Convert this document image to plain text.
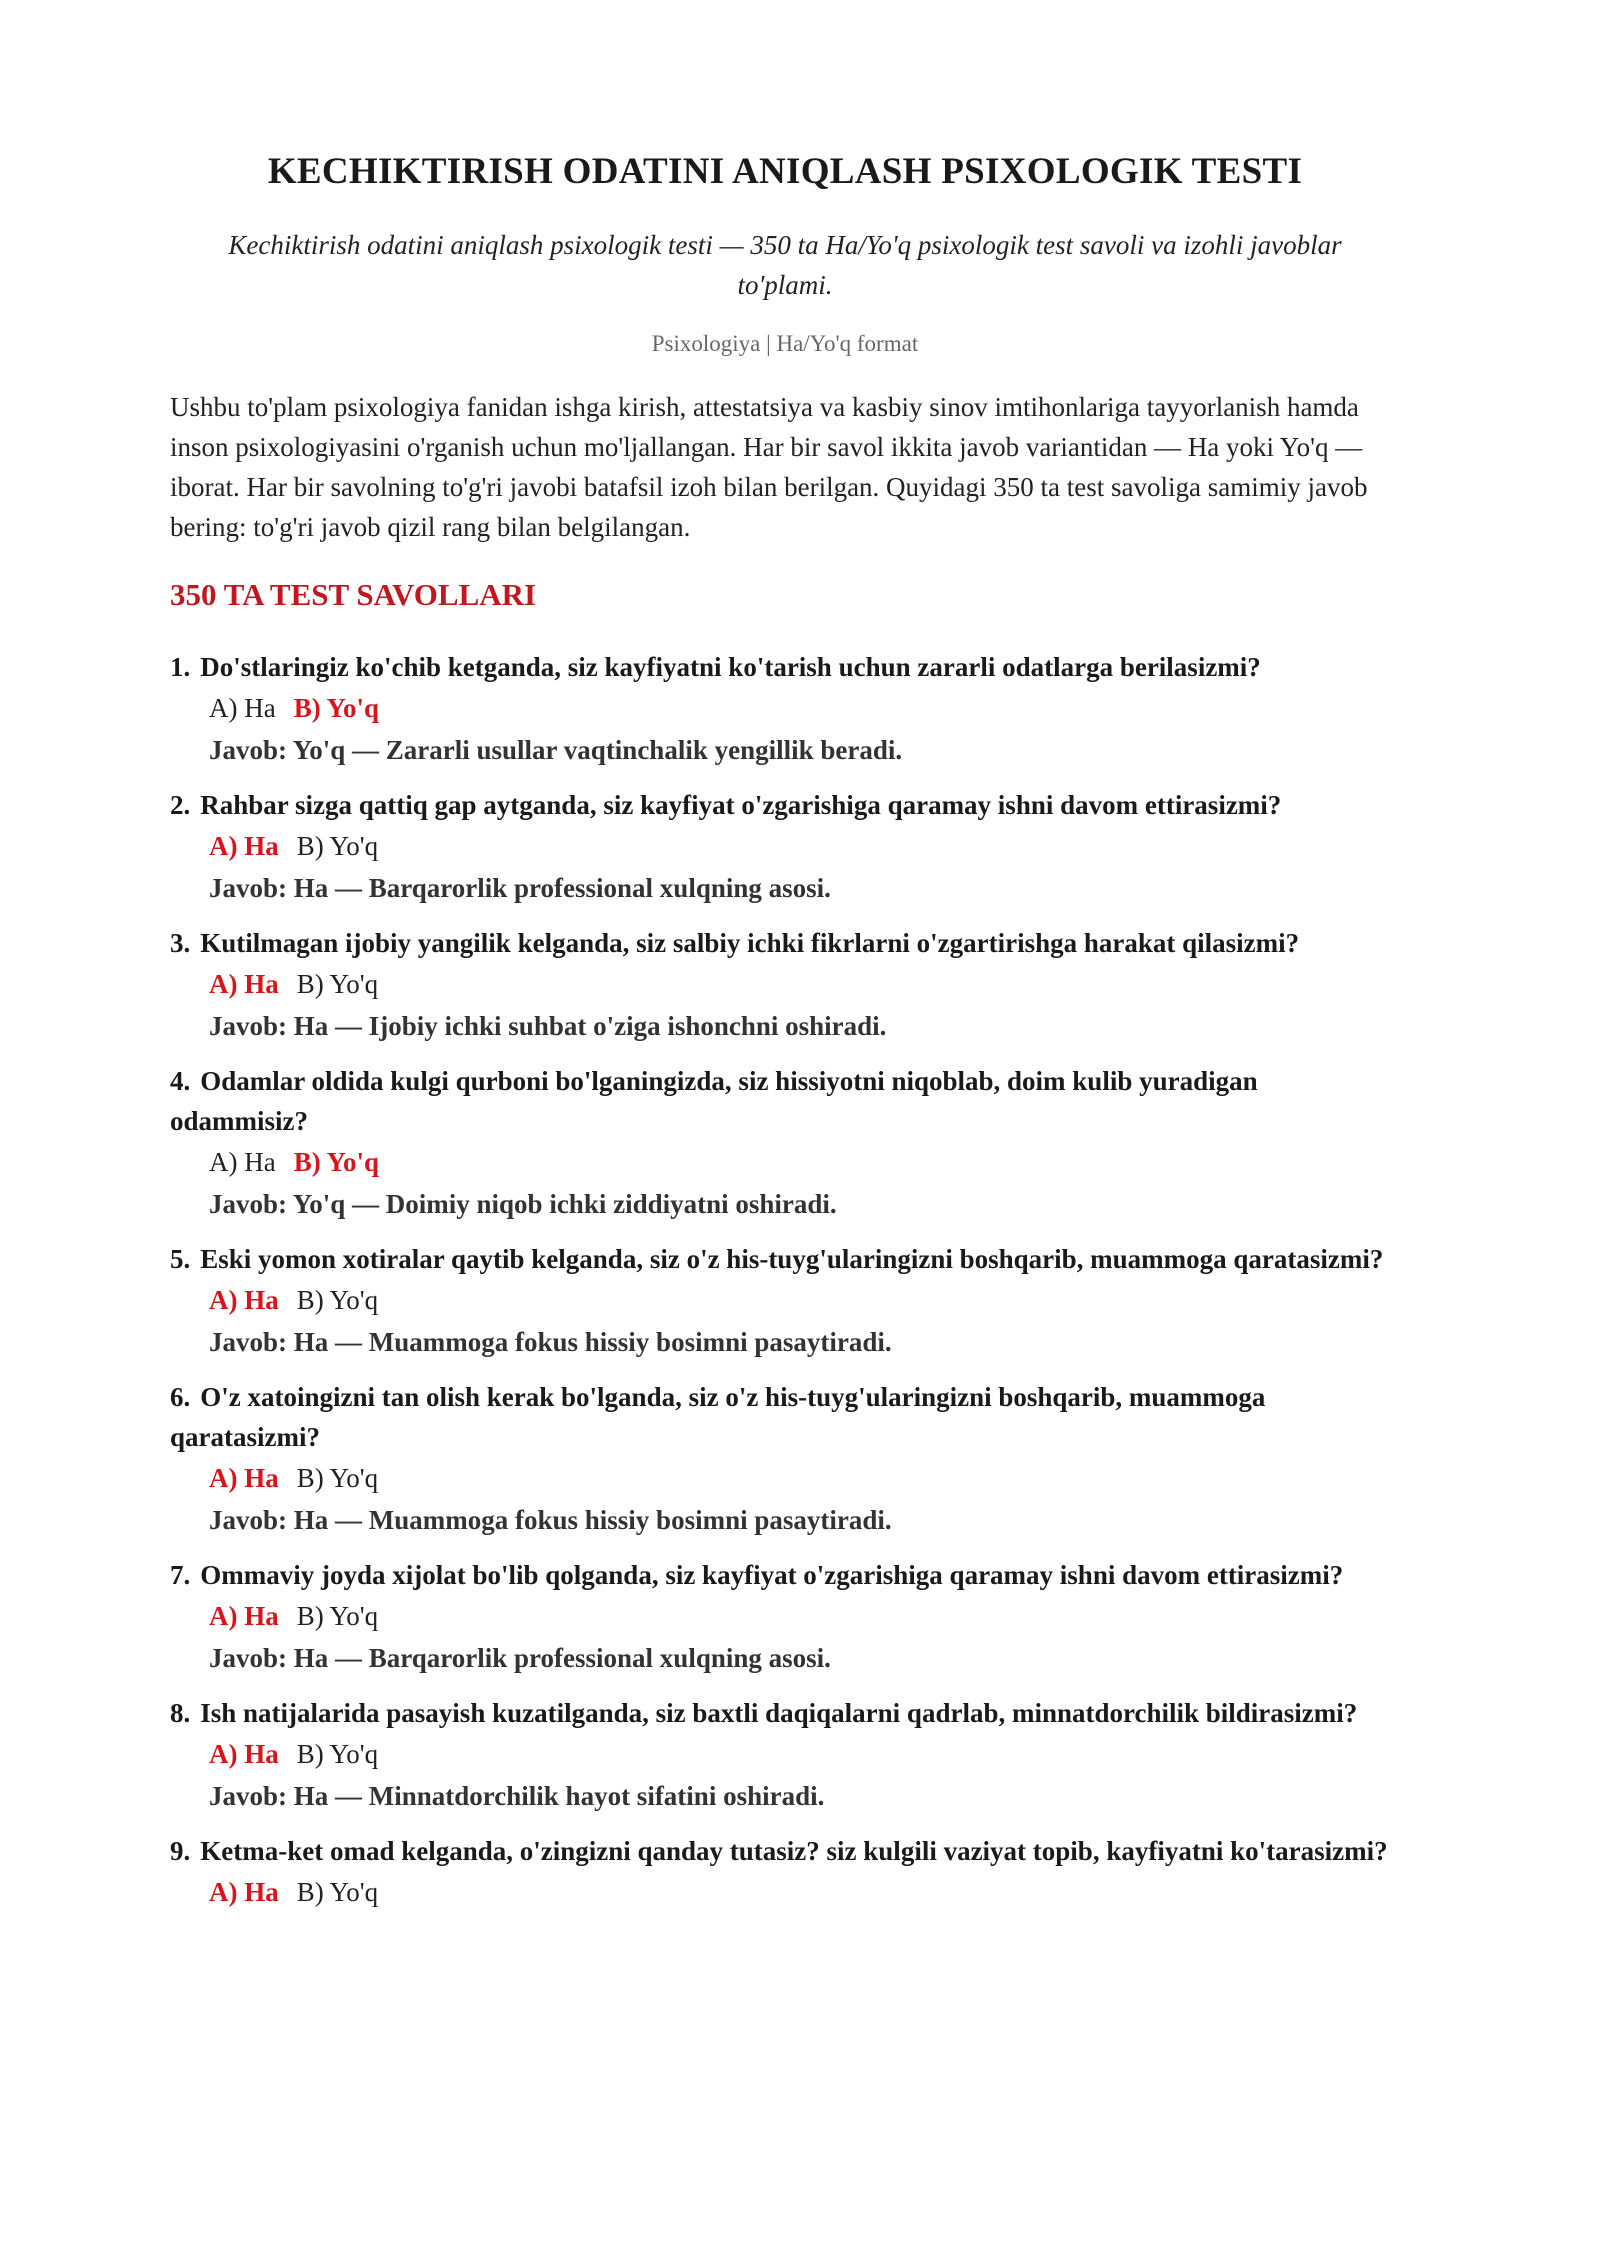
KECHIKTIRISH ODATINI ANIQLASH PSIXOLOGIK TESTI

Kechiktirish odatini aniqlash psixologik testi — 350 ta Ha/Yo'q psixologik test savoli va izohli javoblar to'plami.

Psixologiya | Ha/Yo'q format

Ushbu to'plam psixologiya fanidan ishga kirish, attestatsiya va kasbiy sinov imtihonlariga tayyorlanish hamda inson psixologiyasini o'rganish uchun mo'ljallangan. Har bir savol ikkita javob variantidan — Ha yoki Yo'q — iborat. Har bir savolning to'g'ri javobi batafsil izoh bilan berilgan. Quyidagi 350 ta test savoliga samimiy javob bering: to'g'ri javob qizil rang bilan belgilangan.

350 TA TEST SAVOLLARI
1. Do'stlaringiz ko'chib ketganda, siz kayfiyatni ko'tarish uchun zararli odatlarga berilasizmi?
A) Ha B) Yo'q
Javob: Yo'q — Zararli usullar vaqtinchalik yengillik beradi.
2. Rahbar sizga qattiq gap aytganda, siz kayfiyat o'zgarishiga qaramay ishni davom ettirasizmi?
A) Ha B) Yo'q
Javob: Ha — Barqarorlik professional xulqning asosi.
3. Kutilmagan ijobiy yangilik kelganda, siz salbiy ichki fikrlarni o'zgartirishga harakat qilasizmi?
A) Ha B) Yo'q
Javob: Ha — Ijobiy ichki suhbat o'ziga ishonchni oshiradi.
4. Odamlar oldida kulgi qurboni bo'lganingizda, siz hissiyotni niqoblab, doim kulib yuradigan odammisiz?
A) Ha B) Yo'q
Javob: Yo'q — Doimiy niqob ichki ziddiyatni oshiradi.
5. Eski yomon xotiralar qaytib kelganda, siz o'z his-tuyg'ularingizni boshqarib, muammoga qaratasizmi?
A) Ha B) Yo'q
Javob: Ha — Muammoga fokus hissiy bosimni pasaytiradi.
6. O'z xatoingizni tan olish kerak bo'lganda, siz o'z his-tuyg'ularingizni boshqarib, muammoga qaratasizmi?
A) Ha B) Yo'q
Javob: Ha — Muammoga fokus hissiy bosimni pasaytiradi.
7. Ommaviy joyda xijolat bo'lib qolganda, siz kayfiyat o'zgarishiga qaramay ishni davom ettirasizmi?
A) Ha B) Yo'q
Javob: Ha — Barqarorlik professional xulqning asosi.
8. Ish natijalarida pasayish kuzatilganda, siz baxtli daqiqalarni qadrlab, minnatdorchilik bildirasizmi?
A) Ha B) Yo'q
Javob: Ha — Minnatdorchilik hayot sifatini oshiradi.
9. Ketma-ket omad kelganda, o'zingizni qanday tutasiz? siz kulgili vaziyat topib, kayfiyatni ko'tarasizmi?
A) Ha B) Yo'q
